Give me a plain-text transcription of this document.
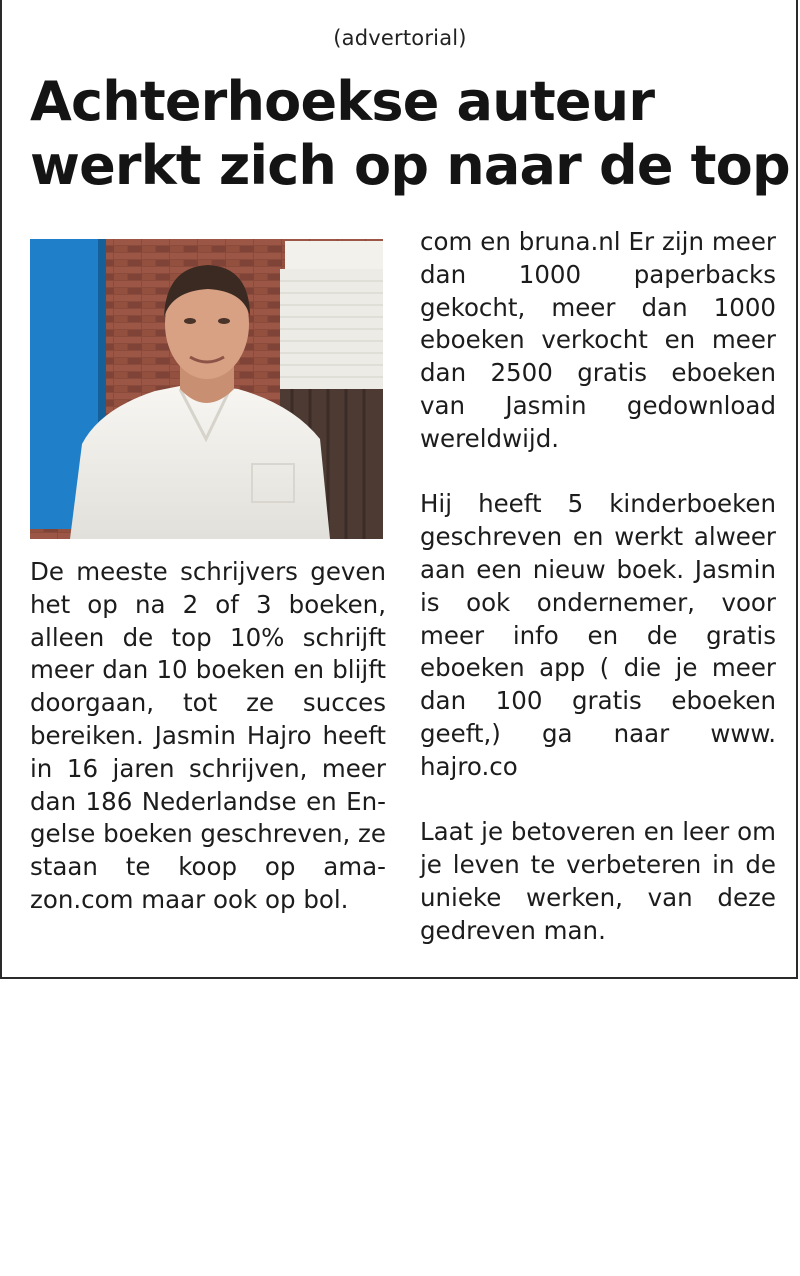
(advertorial)
Achterhoekse auteur
werkt zich op naar de top

De meeste schrijvers geven het op na 2 of 3 boeken, alleen de top 10% schrijft meer dan 10 boeken en blijft doorgaan, tot ze succes bereiken. Jasmin Hajro heeft in 16 jaren schrijven, meer dan 186 Nederlandse en Engelse boeken geschreven, ze staan te koop op amazon.com maar ook op bol.

com en bruna.nl Er zijn meer dan 1000 paperbacks gekocht, meer dan 1000 eboeken verkocht en meer dan 2500 gratis eboeken van Jasmin gedownload wereldwijd.

Hij heeft 5 kinderboeken geschreven en werkt alweer aan een nieuw boek. Jasmin is ook ondernemer, voor meer info en de gratis eboeken app ( die je meer dan 100 gratis eboeken geeft,) ga naar www. hajro.co

Laat je betoveren en leer om je leven te verbeteren in de unieke werken, van deze gedreven man.
